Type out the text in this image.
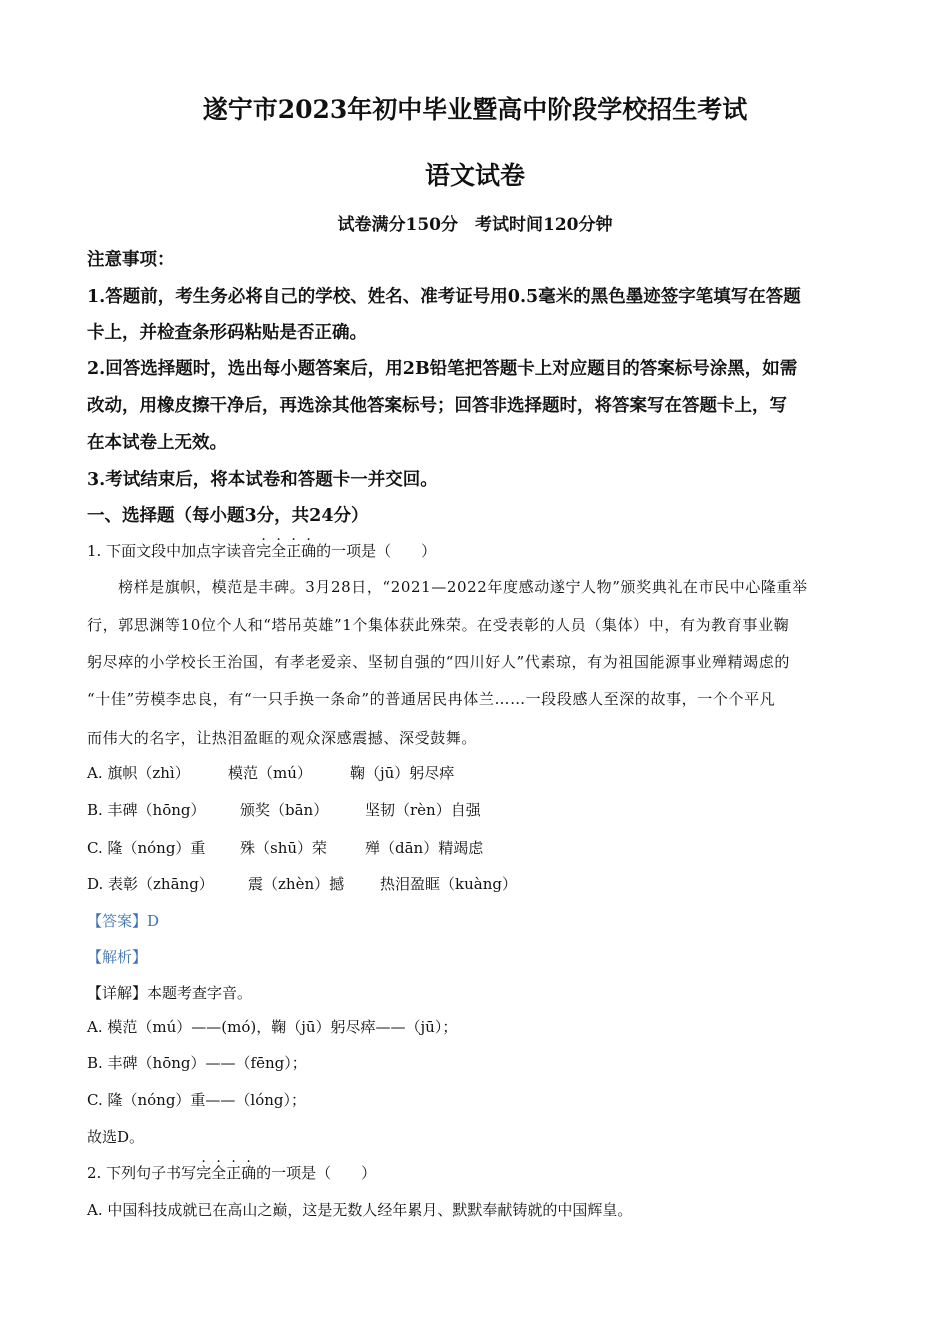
遂宁市2023年初中毕业暨高中阶段学校招生考试
语文试卷
试卷满分150分　考试时间120分钟
注意事项：
1.答题前，考生务必将自己的学校、姓名、准考证号用0.5毫米的黑色墨迹签字笔填写在答题
卡上，并检查条形码粘贴是否正确。
2.回答选择题时，选出每小题答案后，用2B铅笔把答题卡上对应题目的答案标号涂黑，如需
改动，用橡皮擦干净后，再选涂其他答案标号；回答非选择题时，将答案写在答题卡上，写
在本试卷上无效。
3.考试结束后，将本试卷和答题卡一并交回。
一、选择题（每小题3分，共24分）
1. 下面文段中加点字读音完全正确的一项是（　　）
榜样是旗帜，模范是丰碑。3月28日，“2021—2022年度感动遂宁人物”颁奖典礼在市民中心隆重举
行，郭思渊等10位个人和“塔吊英雄”1个集体获此殊荣。在受表彰的人员（集体）中，有为教育事业鞠
躬尽瘁的小学校长王治国，有孝老爱亲、坚韧自强的“四川好人”代素琼，有为祖国能源事业殚精竭虑的
“十佳”劳模李忠良，有“一只手换一条命”的普通居民冉体兰……一段段感人至深的故事，一个个平凡
而伟大的名字，让热泪盈眶的观众深感震撼、深受鼓舞。
A. 旗帜（zhì）	模范（mú）	鞠（jū）躬尽瘁
B. 丰碑（hōng） 颁奖（bān） 坚韧（rèn）自强
C. 隆（nóng）重 殊（shū）荣	殚（dān）精竭虑
D. 表彰（zhāng） 震（zhèn）撼 热泪盈眶（kuàng）
【答案】D
【解析】
【详解】本题考查字音。
A. 模范（mú）——(mó)，鞠（jū）躬尽瘁——（jū）；
B. 丰碑（hōng）——（fēng）；
C. 隆（nóng）重——（lóng）；
故选D。
2. 下列句子书写完全正确的一项是（　　）
A. 中国科技成就已在高山之巅，这是无数人经年累月、默默奉献铸就的中国辉皇。
